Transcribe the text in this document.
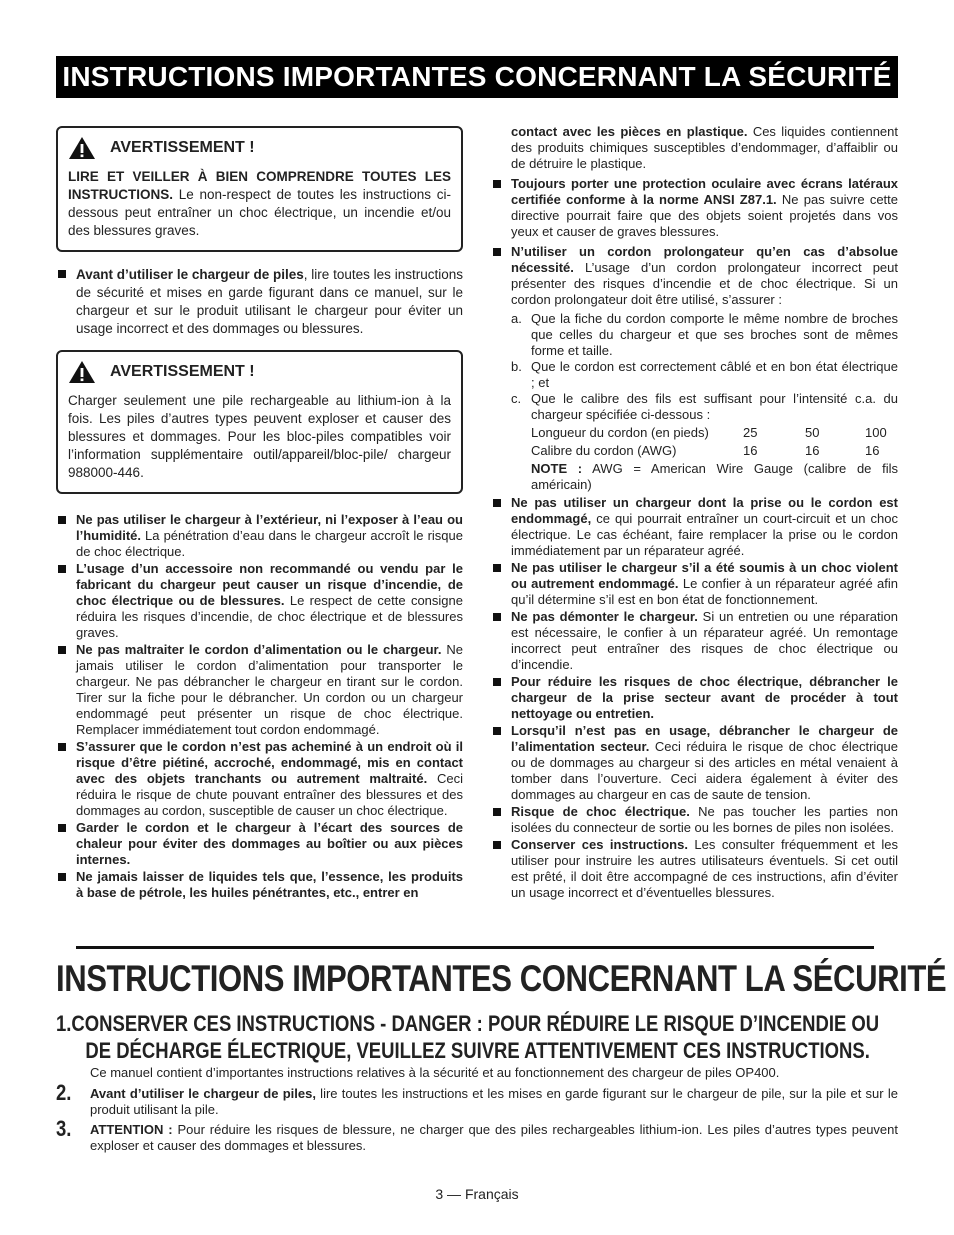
INSTRUCTIONS IMPORTANTES CONCERNANT LA SÉCURITÉ
AVERTISSEMENT !
LIRE ET VEILLER À BIEN COMPRENDRE TOUTES LES INSTRUCTIONS. Le non-respect de toutes les instructions ci-dessous peut entraîner un choc électrique, un incendie et/ou des blessures graves.
Avant d’utiliser le chargeur de piles, lire toutes les instructions de sécurité et mises en garde figurant dans ce manuel, sur le chargeur et sur le produit utilisant le chargeur pour éviter un usage incorrect et des dommages ou blessures.
AVERTISSEMENT !
Charger seulement une pile rechargeable au lithium-ion à la fois. Les piles d’autres types peuvent exploser et causer des blessures et dommages. Pour les bloc-piles compatibles voir l’information supplémentaire outil/appareil/bloc-pile/ chargeur 988000-446.
Ne pas utiliser le chargeur à l’extérieur, ni l’exposer à l’eau ou l’humidité. La pénétration d’eau dans le chargeur accroît le risque de choc électrique.
L’usage d’un accessoire non recommandé ou vendu par le fabricant du chargeur peut causer un risque d’incendie, de choc électrique ou de blessures. Le respect de cette consigne réduira les risques d’incendie, de choc électrique et de blessures graves.
Ne pas maltraiter le cordon d’alimentation ou le chargeur. Ne jamais utiliser le cordon d’alimentation pour transporter le chargeur. Ne pas débrancher le chargeur en tirant sur le cordon. Tirer sur la fiche pour le débrancher. Un cordon ou un chargeur endommagé peut présenter un risque de choc électrique. Remplacer immédiatement tout cordon endommagé.
S’assurer que le cordon n’est pas acheminé à un endroit où il risque d’être piétiné, accroché, endommagé, mis en contact avec des objets tranchants ou autrement maltraité. Ceci réduira le risque de chute pouvant entraîner des blessures et des dommages au cordon, susceptible de causer un choc électrique.
Garder le cordon et le chargeur à l’écart des sources de chaleur pour éviter des dommages au boîtier ou aux pièces internes.
Ne jamais laisser de liquides tels que, l’essence, les produits à base de pétrole, les huiles pénétrantes, etc., entrer en
contact avec les pièces en plastique. Ces liquides contiennent des produits chimiques susceptibles d’endommager, d’affaiblir ou de détruire le plastique.
Toujours porter une protection oculaire avec écrans latéraux certifiée conforme à la norme ANSI Z87.1. Ne pas suivre cette directive pourrait faire que des objets soient projetés dans vos yeux et causer de graves blessures.
N’utiliser un cordon prolongateur qu’en cas d’absolue nécessité. L’usage d’un cordon prolongateur incorrect peut présenter des risques d’incendie et de choc électrique. Si un cordon prolongateur doit être utilisé, s’assurer :
a. Que la fiche du cordon comporte le même nombre de broches que celles du chargeur et que ses broches sont de mêmes forme et taille.
b. Que le cordon est correctement câblé et en bon état électrique ; et
c. Que le calibre des fils est suffisant pour l’intensité c.a. du chargeur spécifiée ci-dessous :
Longueur du cordon (en pieds)	25	50	100
Calibre du cordon (AWG)	16	16	16
NOTE : AWG = American Wire Gauge (calibre de fils américain)
Ne pas utiliser un chargeur dont la prise ou le cordon est endommagé, ce qui pourrait entraîner un court-circuit et un choc électrique. Le cas échéant, faire remplacer la prise ou le cordon immédiatement par un réparateur agréé.
Ne pas utiliser le chargeur s’il a été soumis à un choc violent ou autrement endommagé. Le confier à un réparateur agréé afin qu’il détermine s’il est en bon état de fonctionnement.
Ne pas démonter le chargeur. Si un entretien ou une réparation est nécessaire, le confier à un réparateur agréé. Un remontage incorrect peut entraîner des risques de choc électrique ou d’incendie.
Pour réduire les risques de choc électrique, débrancher le chargeur de la prise secteur avant de procéder à tout nettoyage ou entretien.
Lorsqu’il n’est pas en usage, débrancher le chargeur de l’alimentation secteur. Ceci réduira le risque de choc électrique ou de dommages au chargeur si des articles en métal venaient à tomber dans l’ouverture. Ceci aidera également à éviter des dommages au chargeur en cas de saute de tension.
Risque de choc électrique. Ne pas toucher les parties non isolées du connecteur de sortie ou les bornes de piles non isolées.
Conserver ces instructions. Les consulter fréquemment et les utiliser pour instruire les autres utilisateurs éventuels. Si cet outil est prêté, il doit être accompagné de ces instructions, afin d’éviter un usage incorrect et d’éventuelles blessures.
INSTRUCTIONS IMPORTANTES CONCERNANT LA SÉCURITÉ
1.CONSERVER CES INSTRUCTIONS - DANGER : POUR RÉDUIRE LE RISQUE D’INCENDIE OU
DE DÉCHARGE ÉLECTRIQUE, VEUILLEZ SUIVRE ATTENTIVEMENT CES INSTRUCTIONS.
Ce manuel contient d’importantes instructions relatives à la sécurité et au fonctionnement des chargeur de piles OP400.
2. Avant d’utiliser le chargeur de piles, lire toutes les instructions et les mises en garde figurant sur le chargeur de pile, sur la pile et sur le produit utilisant la pile.
3. ATTENTION : Pour réduire les risques de blessure, ne charger que des piles rechargeables lithium-ion. Les piles d’autres types peuvent exploser et causer des dommages et blessures.
3 — Français
